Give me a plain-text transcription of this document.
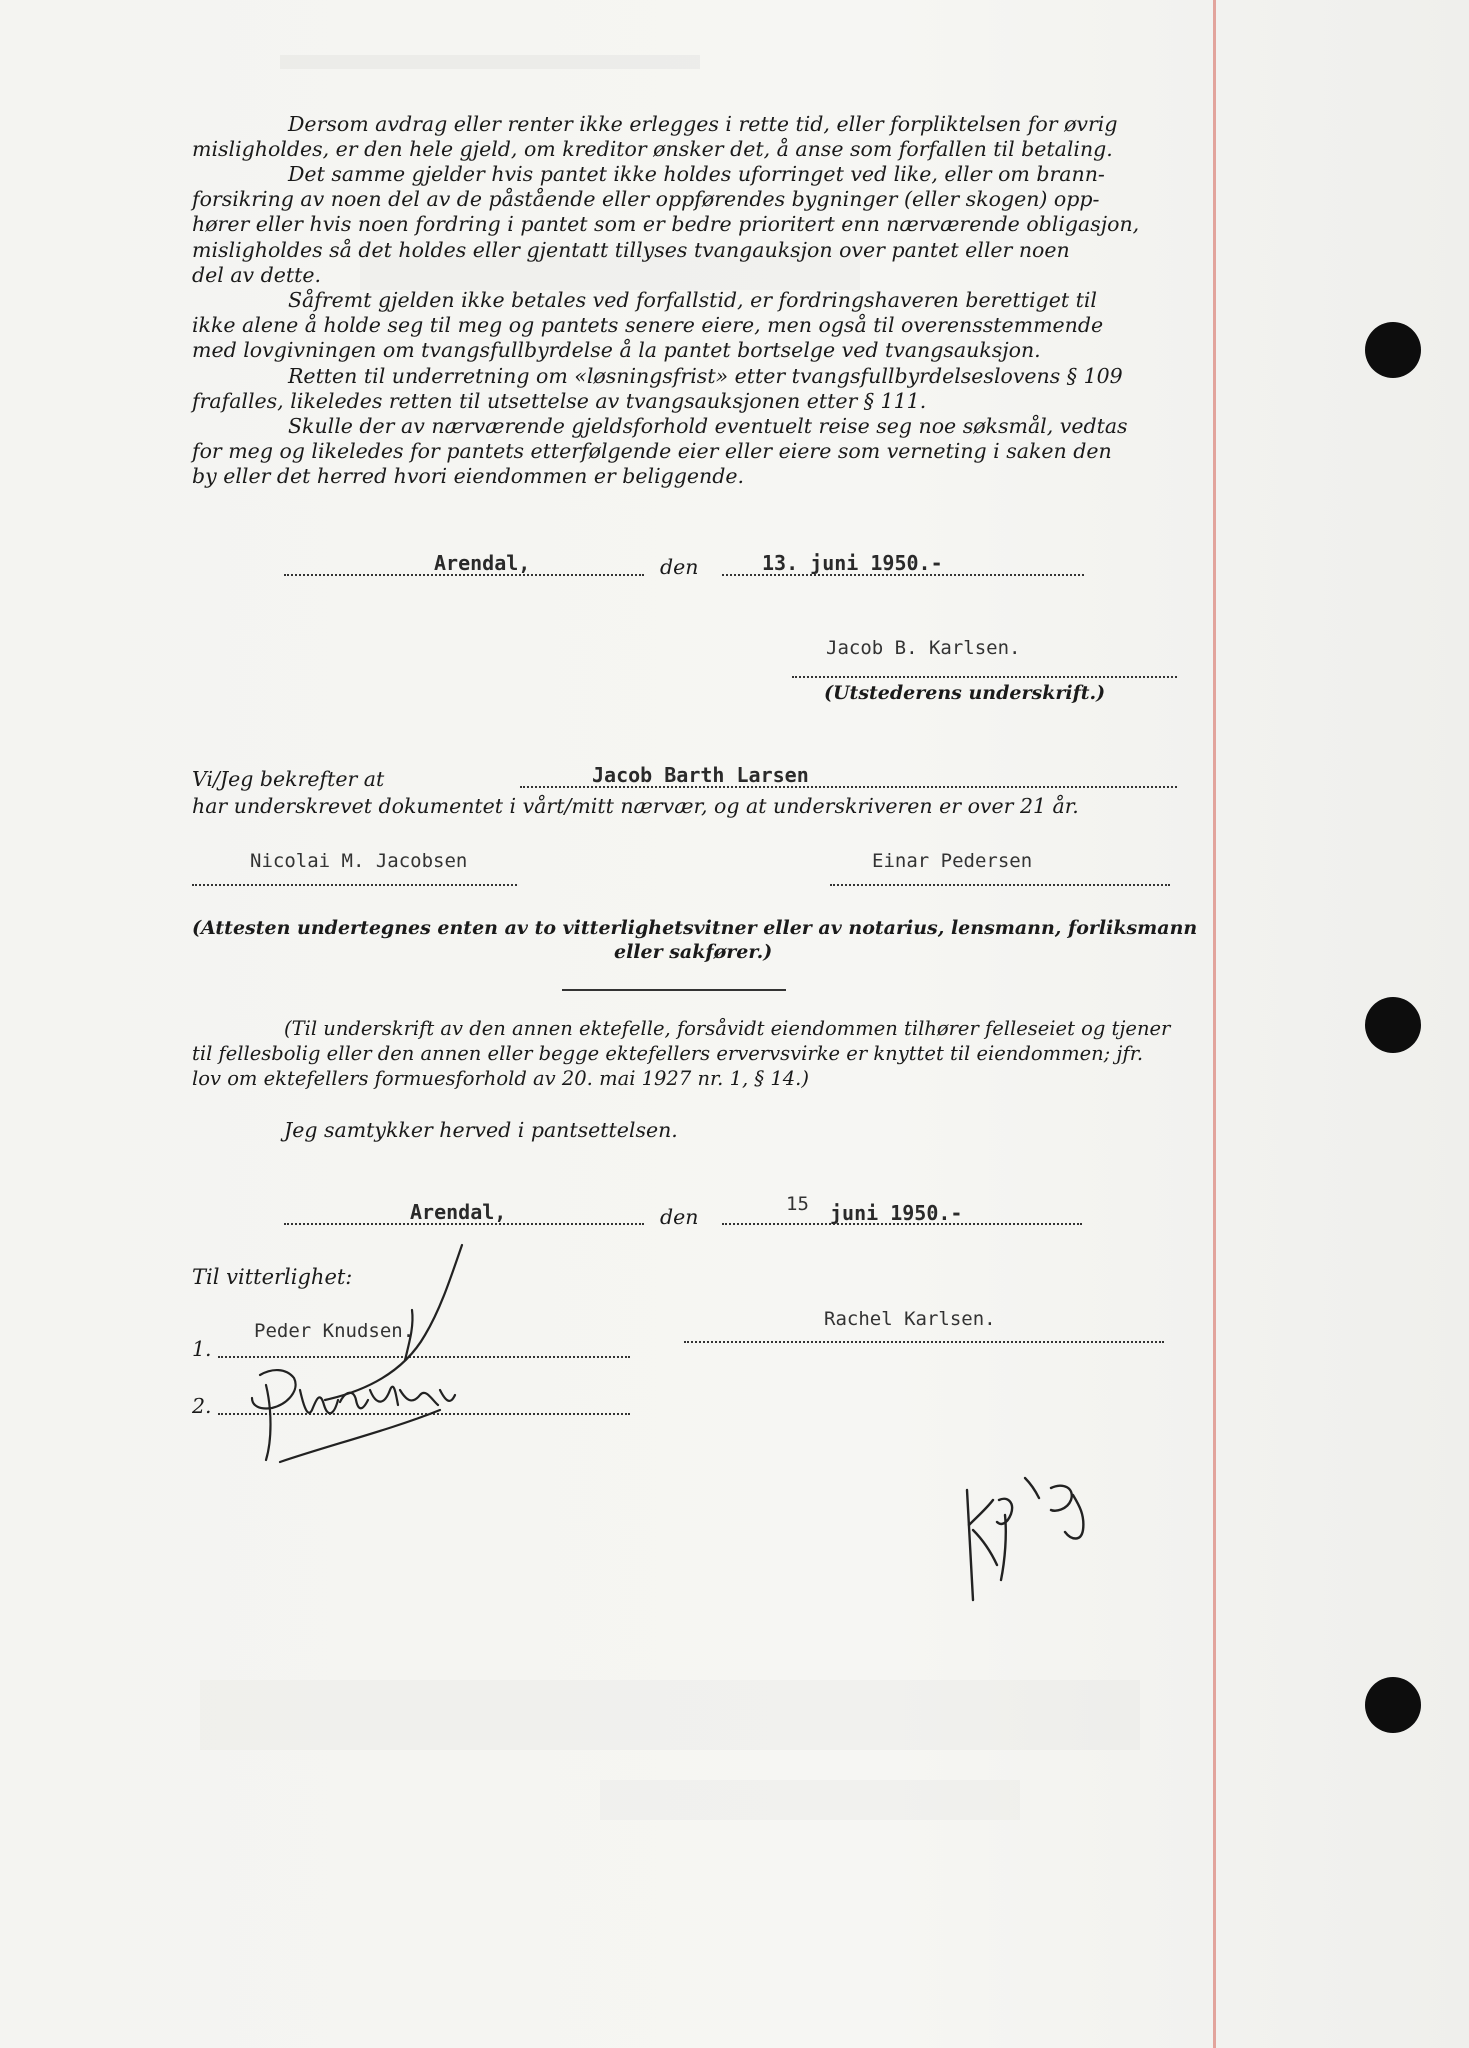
Dersom avdrag eller renter ikke erlegges i rette tid, eller forpliktelsen for øvrig
misligholdes, er den hele gjeld, om kreditor ønsker det, å anse som forfallen til betaling.
Det samme gjelder hvis pantet ikke holdes uforringet ved like, eller om brann-
forsikring av noen del av de påstående eller oppførendes bygninger (eller skogen) opp-
hører eller hvis noen fordring i pantet som er bedre prioritert enn nærværende obligasjon,
misligholdes så det holdes eller gjentatt tillyses tvangauksjon over pantet eller noen
del av dette.
Såfremt gjelden ikke betales ved forfallstid, er fordringshaveren berettiget til
ikke alene å holde seg til meg og pantets senere eiere, men også til overensstemmende
med lovgivningen om tvangsfullbyrdelse å la pantet bortselge ved tvangsauksjon.
Retten til underretning om «løsningsfrist» etter tvangsfullbyrdelseslovens § 109
frafalles, likeledes retten til utsettelse av tvangsauksjonen etter § 111.
Skulle der av nærværende gjeldsforhold eventuelt reise seg noe søksmål, vedtas
for meg og likeledes for pantets etterfølgende eier eller eiere som verneting i saken den
by eller det herred hvori eiendommen er beliggende.
Arendal,	den	13. juni 1950.-
Jacob B. Karlsen.
(Utstederens underskrift.)
Vi/Jeg bekrefter at	Jacob Barth Larsen
har underskrevet dokumentet i vårt/mitt nærvær, og at underskriveren er over 21 år.
Nicolai M. Jacobsen	Einar Pedersen
(Attesten undertegnes enten av to vitterlighetsvitner eller av notarius, lensmann, forliksmann
eller sakfører.)
(Til underskrift av den annen ektefelle, forsåvidt eiendommen tilhører felleseiet og tjener
til fellesbolig eller den annen eller begge ektefellers ervervsvirke er knyttet til eiendommen; jfr.
lov om ektefellers formuesforhold av 20. mai 1927 nr. 1, § 14.)
Jeg samtykker herved i pantsettelsen.
Arendal,	den
15 juni 1950.-
Til vitterlighet:
1.
Peder Knudsen.
Rachel Karlsen.
2.
